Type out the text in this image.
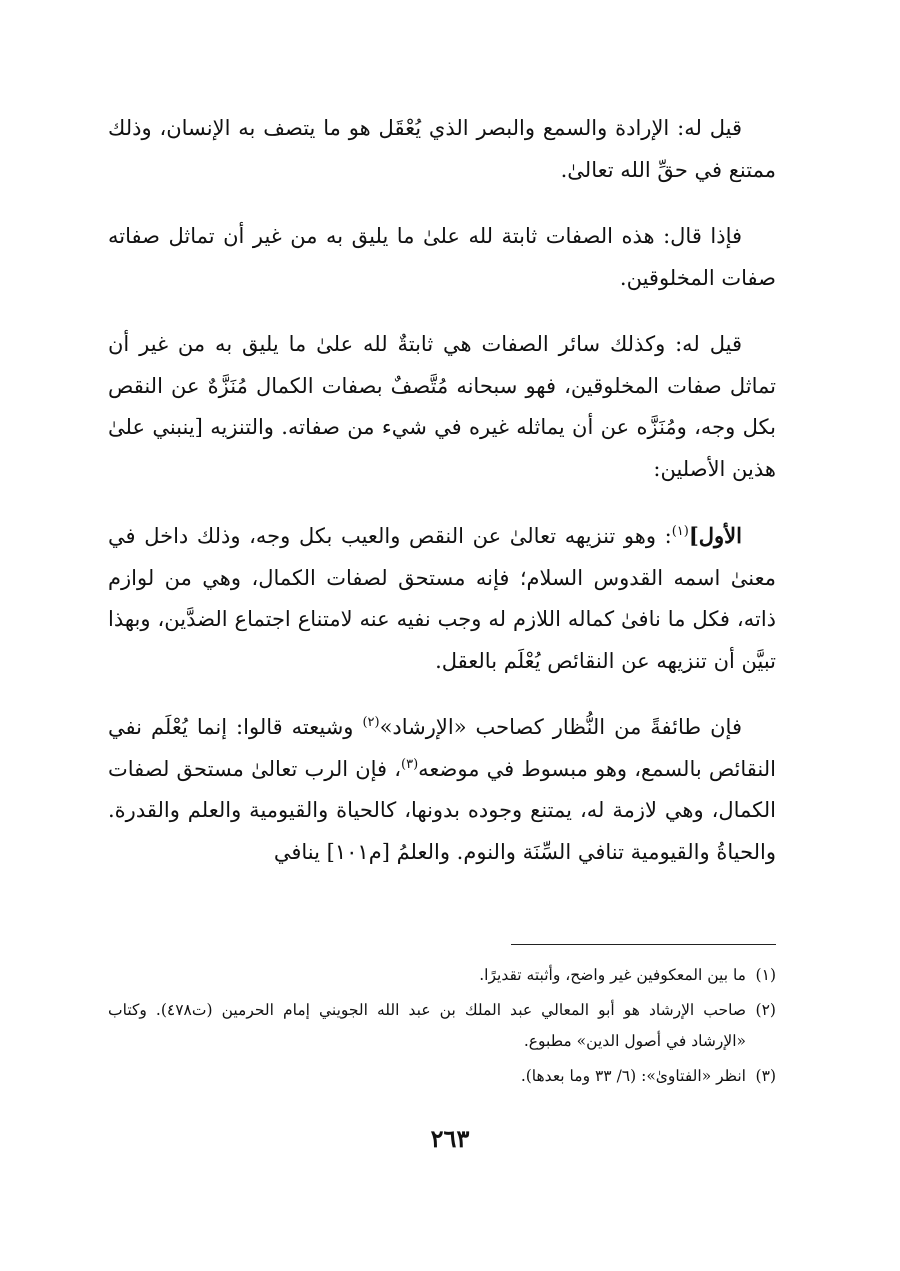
قيل له: الإرادة والسمع والبصر الذي يُعْقَل هو ما يتصف به الإنسان، وذلك ممتنع في حقِّ الله تعالىٰ.

فإذا قال: هذه الصفات ثابتة لله علىٰ ما يليق به من غير أن تماثل صفاته صفات المخلوقين.

قيل له: وكذلك سائر الصفات هي ثابتةٌ لله علىٰ ما يليق به من غير أن تماثل صفات المخلوقين، فهو سبحانه مُتَّصفٌ بصفات الكمال مُنَزَّهٌ عن النقص بكل وجه، ومُنَزَّه عن أن يماثله غيره في شيء من صفاته. والتنزيه [ينبني علىٰ هذين الأصلين:

الأول]$^{(١)}$: وهو تنزيهه تعالىٰ عن النقص والعيب بكل وجه، وذلك داخل في معنىٰ اسمه القدوس السلام؛ فإنه مستحق لصفات الكمال، وهي من لوازم ذاته، فكل ما نافىٰ كماله اللازم له وجب نفيه عنه لامتناع اجتماع الضدَّين، وبهذا تبيَّن أن تنزيهه عن النقائص يُعْلَم بالعقل.

فإن طائفةً من النُّظار كصاحب «الإرشاد»$^{(٢)}$ وشيعته قالوا: إنما يُعْلَم نفي النقائص بالسمع، وهو مبسوط في موضعه$^{(٣)}$، فإن الرب تعالىٰ مستحق لصفات الكمال، وهي لازمة له، يمتنع وجوده بدونها، كالحياة والقيومية والعلم والقدرة. والحياةُ والقيومية تنافي السِّنَة والنوم. والعلمُ [م١٠١] ينافي

(١)ما بين المعكوفين غير واضح، وأثبته تقديرًا.

(٢)صاحب الإرشاد هو أبو المعالي عبد الملك بن عبد الله الجويني إمام الحرمين (ت٤٧٨). وكتاب «الإرشاد في أصول الدين» مطبوع.

(٣)انظر «الفتاوىٰ»: (٦/ ٣٣ وما بعدها).

٢٦٣
